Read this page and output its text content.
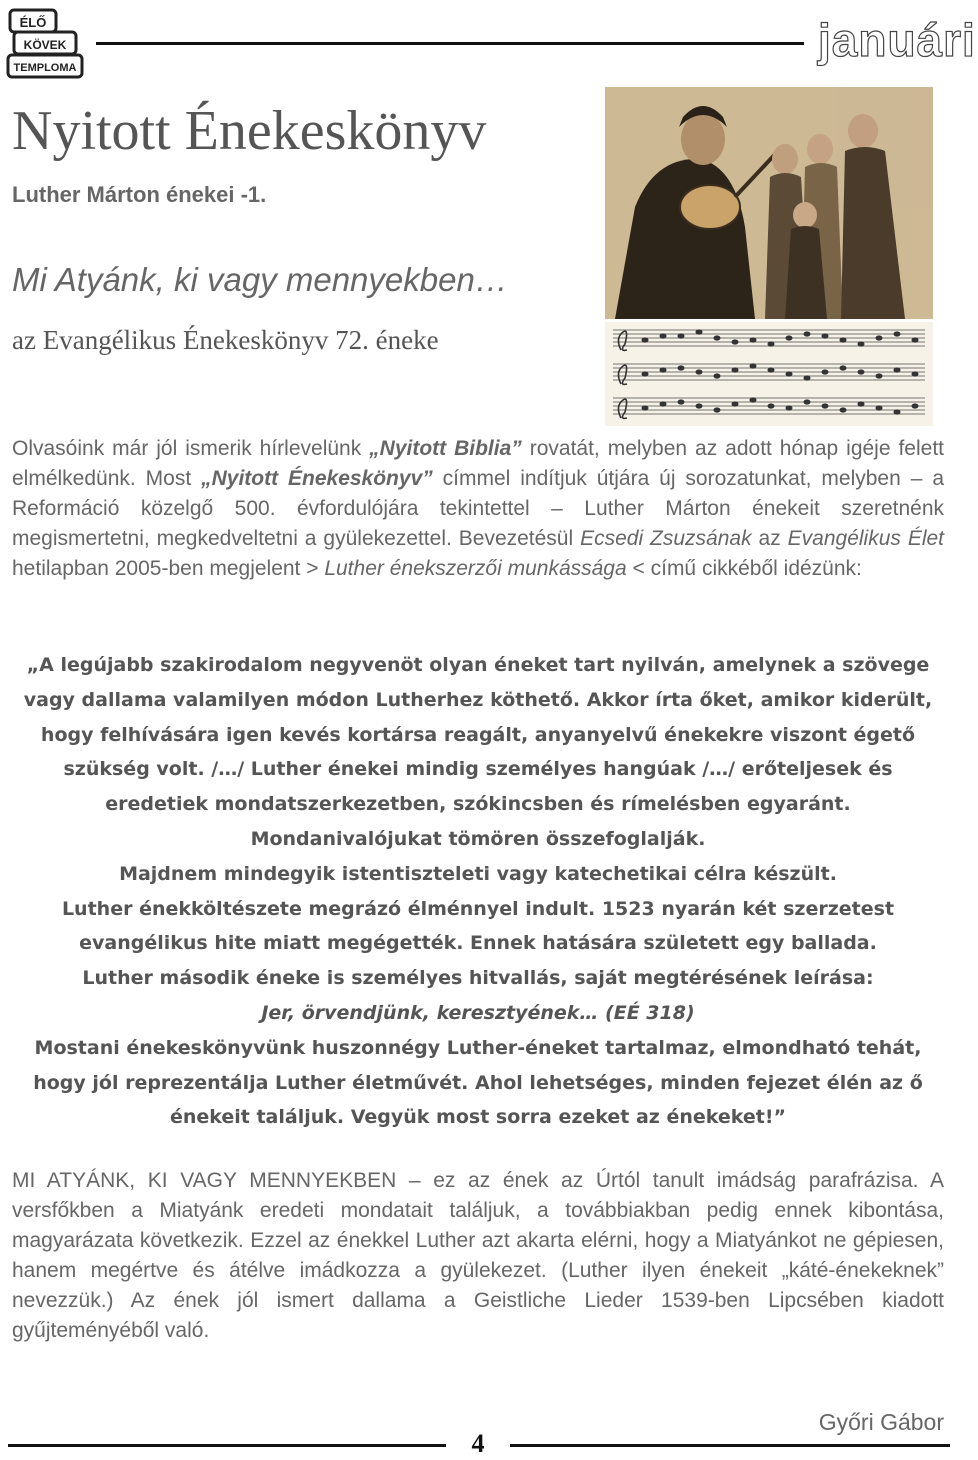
ÉLŐ
KÖVEK
TEMPLOMA
januári
Nyitott Énekeskönyv
Luther Márton énekei -1.
Mi Atyánk, ki vagy mennyekben…
az Evangélikus Énekeskönyv 72. éneke

Olvasóink már jól ismerik hírlevelünk „Nyitott Biblia” rovatát, melyben az adott hónap igéje felett elmélkedünk. Most „Nyitott Énekeskönyv” címmel indítjuk útjára új sorozatunkat, melyben – a Reformáció közelgő 500. évfordulójára tekintettel – Luther Márton énekeit szeretnénk megismertetni, megkedveltetni a gyülekezettel. Bevezetésül Ecsedi Zsuzsának az Evangélikus Élet hetilapban 2005-ben megjelent > Luther énekszerzői munkássága < című cikkéből idézünk:

„A legújabb szakirodalom negyvenöt olyan éneket tart nyilván, amelynek a szövege vagy dallama valamilyen módon Lutherhez köthető. Akkor írta őket, amikor kiderült, hogy felhívására igen kevés kortársa reagált, anyanyelvű énekekre viszont égető szükség volt. /…/ Luther énekei mindig személyes hangúak /…/ erőteljesek és eredetiek mondatszerkezetben, szókincsben és rímelésben egyaránt. Mondanivalójukat tömören összefoglalják.
Majdnem mindegyik istentiszteleti vagy katechetikai célra készült.
Luther énekköltészete megrázó élménnyel indult. 1523 nyarán két szerzetest evangélikus hite miatt megégették. Ennek hatására született egy ballada.
Luther második éneke is személyes hitvallás, saját megtérésének leírása:
Jer, örvendjünk, keresztyének… (EÉ 318)
Mostani énekeskönyvünk huszonnégy Luther-éneket tartalmaz, elmondható tehát, hogy jól reprezentálja Luther életművét. Ahol lehetséges, minden fejezet élén az ő énekeit találjuk. Vegyük most sorra ezeket az énekeket!”

MI ATYÁNK, KI VAGY MENNYEKBEN – ez az ének az Úrtól tanult imádság parafrázisa. A versfőkben a Miatyánk eredeti mondatait találjuk, a továbbiakban pedig ennek kibontása, magyarázata következik. Ezzel az énekkel Luther azt akarta elérni, hogy a Miatyánkot ne gépiesen, hanem megértve és átélve imádkozza a gyülekezet. (Luther ilyen énekeit „káté-énekeknek” nevezzük.) Az ének jól ismert dallama a Geistliche Lieder 1539-ben Lipcsében kiadott gyűjteményéből való.

Győri Gábor
4
